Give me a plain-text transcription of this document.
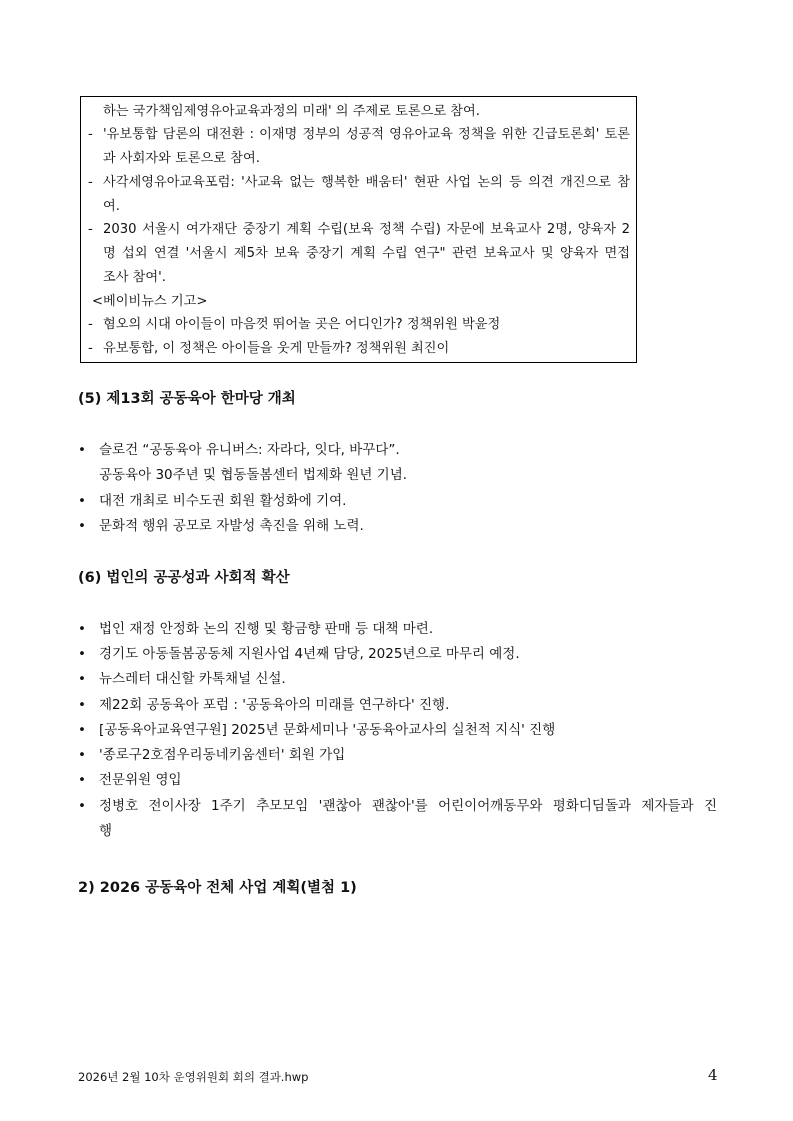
하는 국가책임제영유아교육과정의 미래' 의 주제로 토론으로 참여.
- '유보통합 담론의 대전환 : 이재명 정부의 성공적 영유아교육 정책을 위한 긴급토론회' 토론
과 사회자와 토론으로 참여.
- 사각세영유아교육포럼: '사교육 없는 행복한 배움터' 현판 사업 논의 등 의견 개진으로 참
여.
- 2030 서울시 여가재단 중장기 계획 수립(보육 정책 수립) 자문에 보육교사 2명, 양육자 2
명 섭외 연결 '서울시 제5차 보육 중장기 계획 수립 연구" 관련 보육교사 및 양육자 면접
조사 참여'.
<베이비뉴스 기고>
- 혐오의 시대 아이들이 마음껏 뛰어놀 곳은 어디인가? 정책위원 박윤정
- 유보통합, 이 정책은 아이들을 웃게 만들까? 정책위원 최진이
(5) 제13회 공동육아 한마당 개최
• 슬로건 “공동육아 유니버스: 자라다, 잇다, 바꾸다”.
공동육아 30주년 및 협동돌봄센터 법제화 원년 기념.
• 대전 개최로 비수도권 회원 활성화에 기여.
• 문화적 행위 공모로 자발성 촉진을 위해 노력.
(6) 법인의 공공성과 사회적 확산
• 법인 재정 안정화 논의 진행 및 황금향 판매 등 대책 마련.
• 경기도 아동돌봄공동체 지원사업 4년째 담당, 2025년으로 마무리 예정.
• 뉴스레터 대신할 카톡채널 신설.
• 제22회 공동육아 포럼 : '공동육아의 미래를 연구하다' 진행.
• [공동육아교육연구원] 2025년 문화세미나 '공동육아교사의 실천적 지식' 진행
• '종로구2호점우리동네키움센터' 회원 가입
• 전문위원 영입
• 정병호 전이사장 1주기 추모모임 '괜찮아 괜찮아'를 어린이어깨동무와 평화디딤돌과 제자들과 진
행
2) 2026 공동육아 전체 사업 계획(별첨 1)
2026년 2월 10차 운영위원회 회의 결과.hwp	4
